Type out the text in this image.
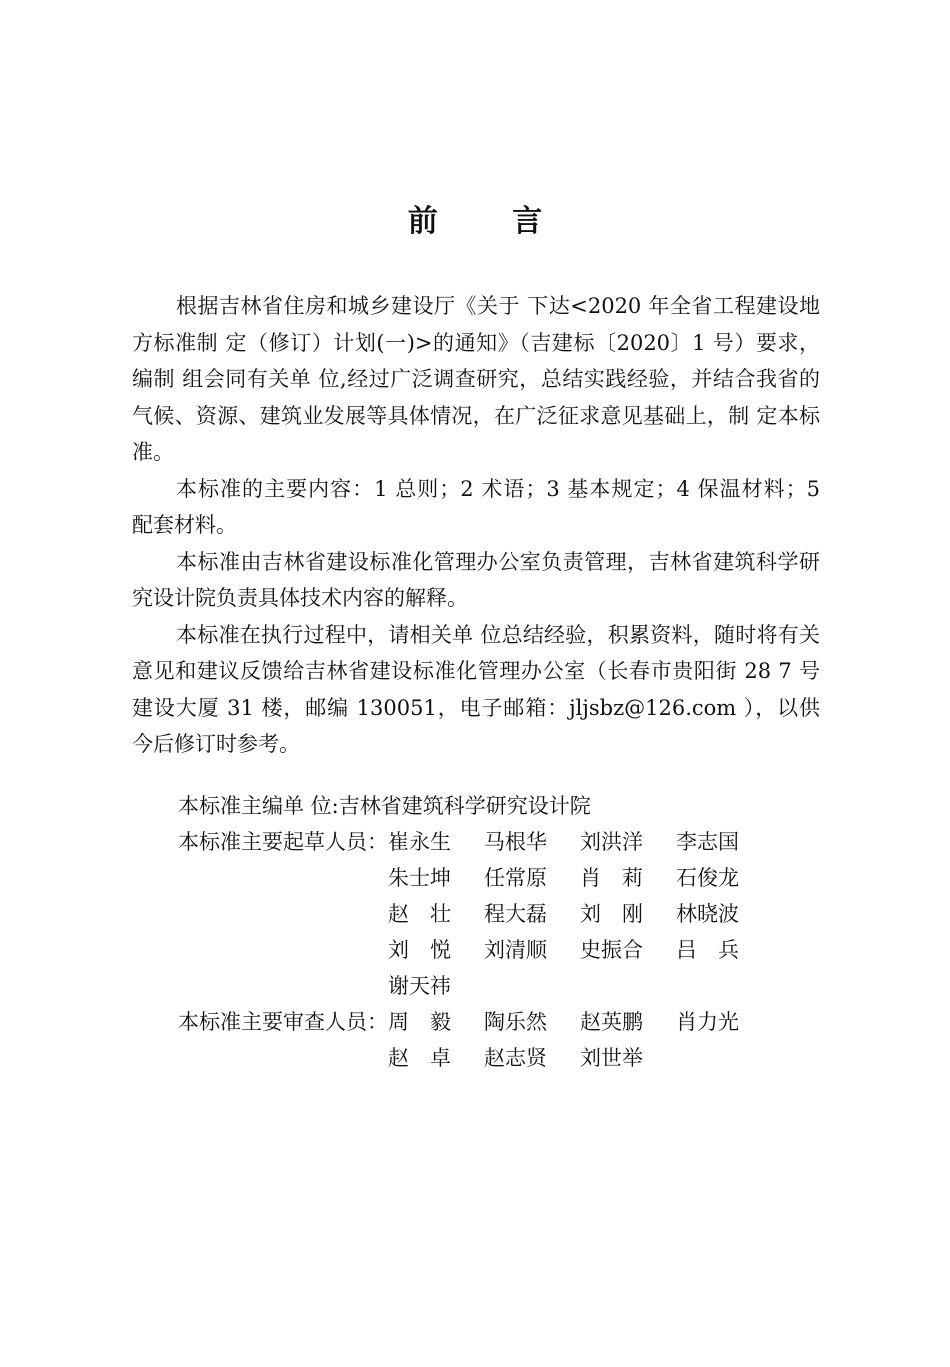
前 言

根据吉林省住房和城乡建设厅《关于 下达<2020 年全省工程建设地方标准制 定（修订）计划(一)>的通知》（吉建标〔2020〕1 号）要求，编制 组会同有关单 位,经过广泛调查研究，总结实践经验，并结合我省的气候、资源、建筑业发展等具体情况，在广泛征求意见基础上，制 定本标准。

本标准的主要内容：1 总则；2 术语；3 基本规定；4 保温材料；5 配套材料。

本标准由吉林省建设标准化管理办公室负责管理，吉林省建筑科学研究设计院负责具体技术内容的解释。

本标准在执行过程中，请相关单 位总结经验，积累资料，随时将有关意见和建议反馈给吉林省建设标准化管理办公室（长春市贵阳街 28 7 号建设大厦 31 楼，邮编 130051，电子邮箱：jljsbz@126.com ），以供今后修订时参考。

本标准主编单 位: 吉林省建筑科学研究设计院
本标准主要起草人员： 崔永生	马根华	刘洪洋	李志国
朱士坤	任常原	肖　莉	石俊龙
赵　壮	程大磊	刘　刚	林晓波
刘　悦	刘清顺	史振合	吕　兵
谢天祎
本标准主要审查人员： 周　毅	陶乐然	赵英鹏	肖力光
赵　卓	赵志贤	刘世举
